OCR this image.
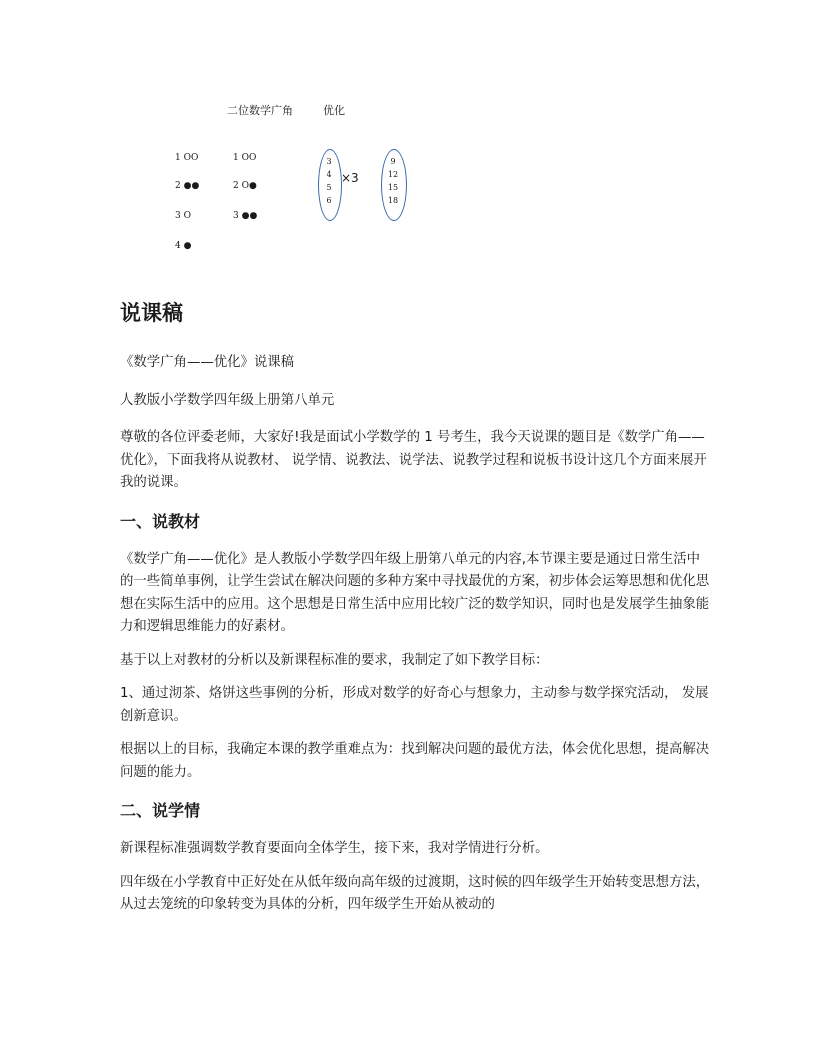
二位数学广角	优化
1 OO
2 ●●
3 O
4 ●
1 OO
2 O●
3 ●●
3
4
5
6
×3
9
12
15
18
说课稿

《数学广角——优化》说课稿

人教版小学数学四年级上册第八单元

尊敬的各位评委老师，大家好!我是面试小学数学的 1 号考生，我今天说课的题目是《数学广角——优化》，下面我将从说教材、 说学情、说教法、说学法、说教学过程和说板书设计这几个方面来展开我的说课。

一、说教材

《数学广角——优化》是人教版小学数学四年级上册第八单元的内容,本节课主要是通过日常生活中的一些简单事例，让学生尝试在解决问题的多种方案中寻找最优的方案，初步体会运筹思想和优化思想在实际生活中的应用。这个思想是日常生活中应用比较广泛的数学知识，同时也是发展学生抽象能力和逻辑思维能力的好素材。

基于以上对教材的分析以及新课程标准的要求，我制定了如下教学目标：

1、通过沏茶、烙饼这些事例的分析，形成对数学的好奇心与想象力，主动参与数学探究活动， 发展创新意识。

根据以上的目标，我确定本课的教学重难点为：找到解决问题的最优方法，体会优化思想，提高解决问题的能力。

二、说学情

新课程标准强调数学教育要面向全体学生，接下来，我对学情进行分析。

四年级在小学教育中正好处在从低年级向高年级的过渡期，这时候的四年级学生开始转变思想方法，从过去笼统的印象转变为具体的分析，四年级学生开始从被动的
